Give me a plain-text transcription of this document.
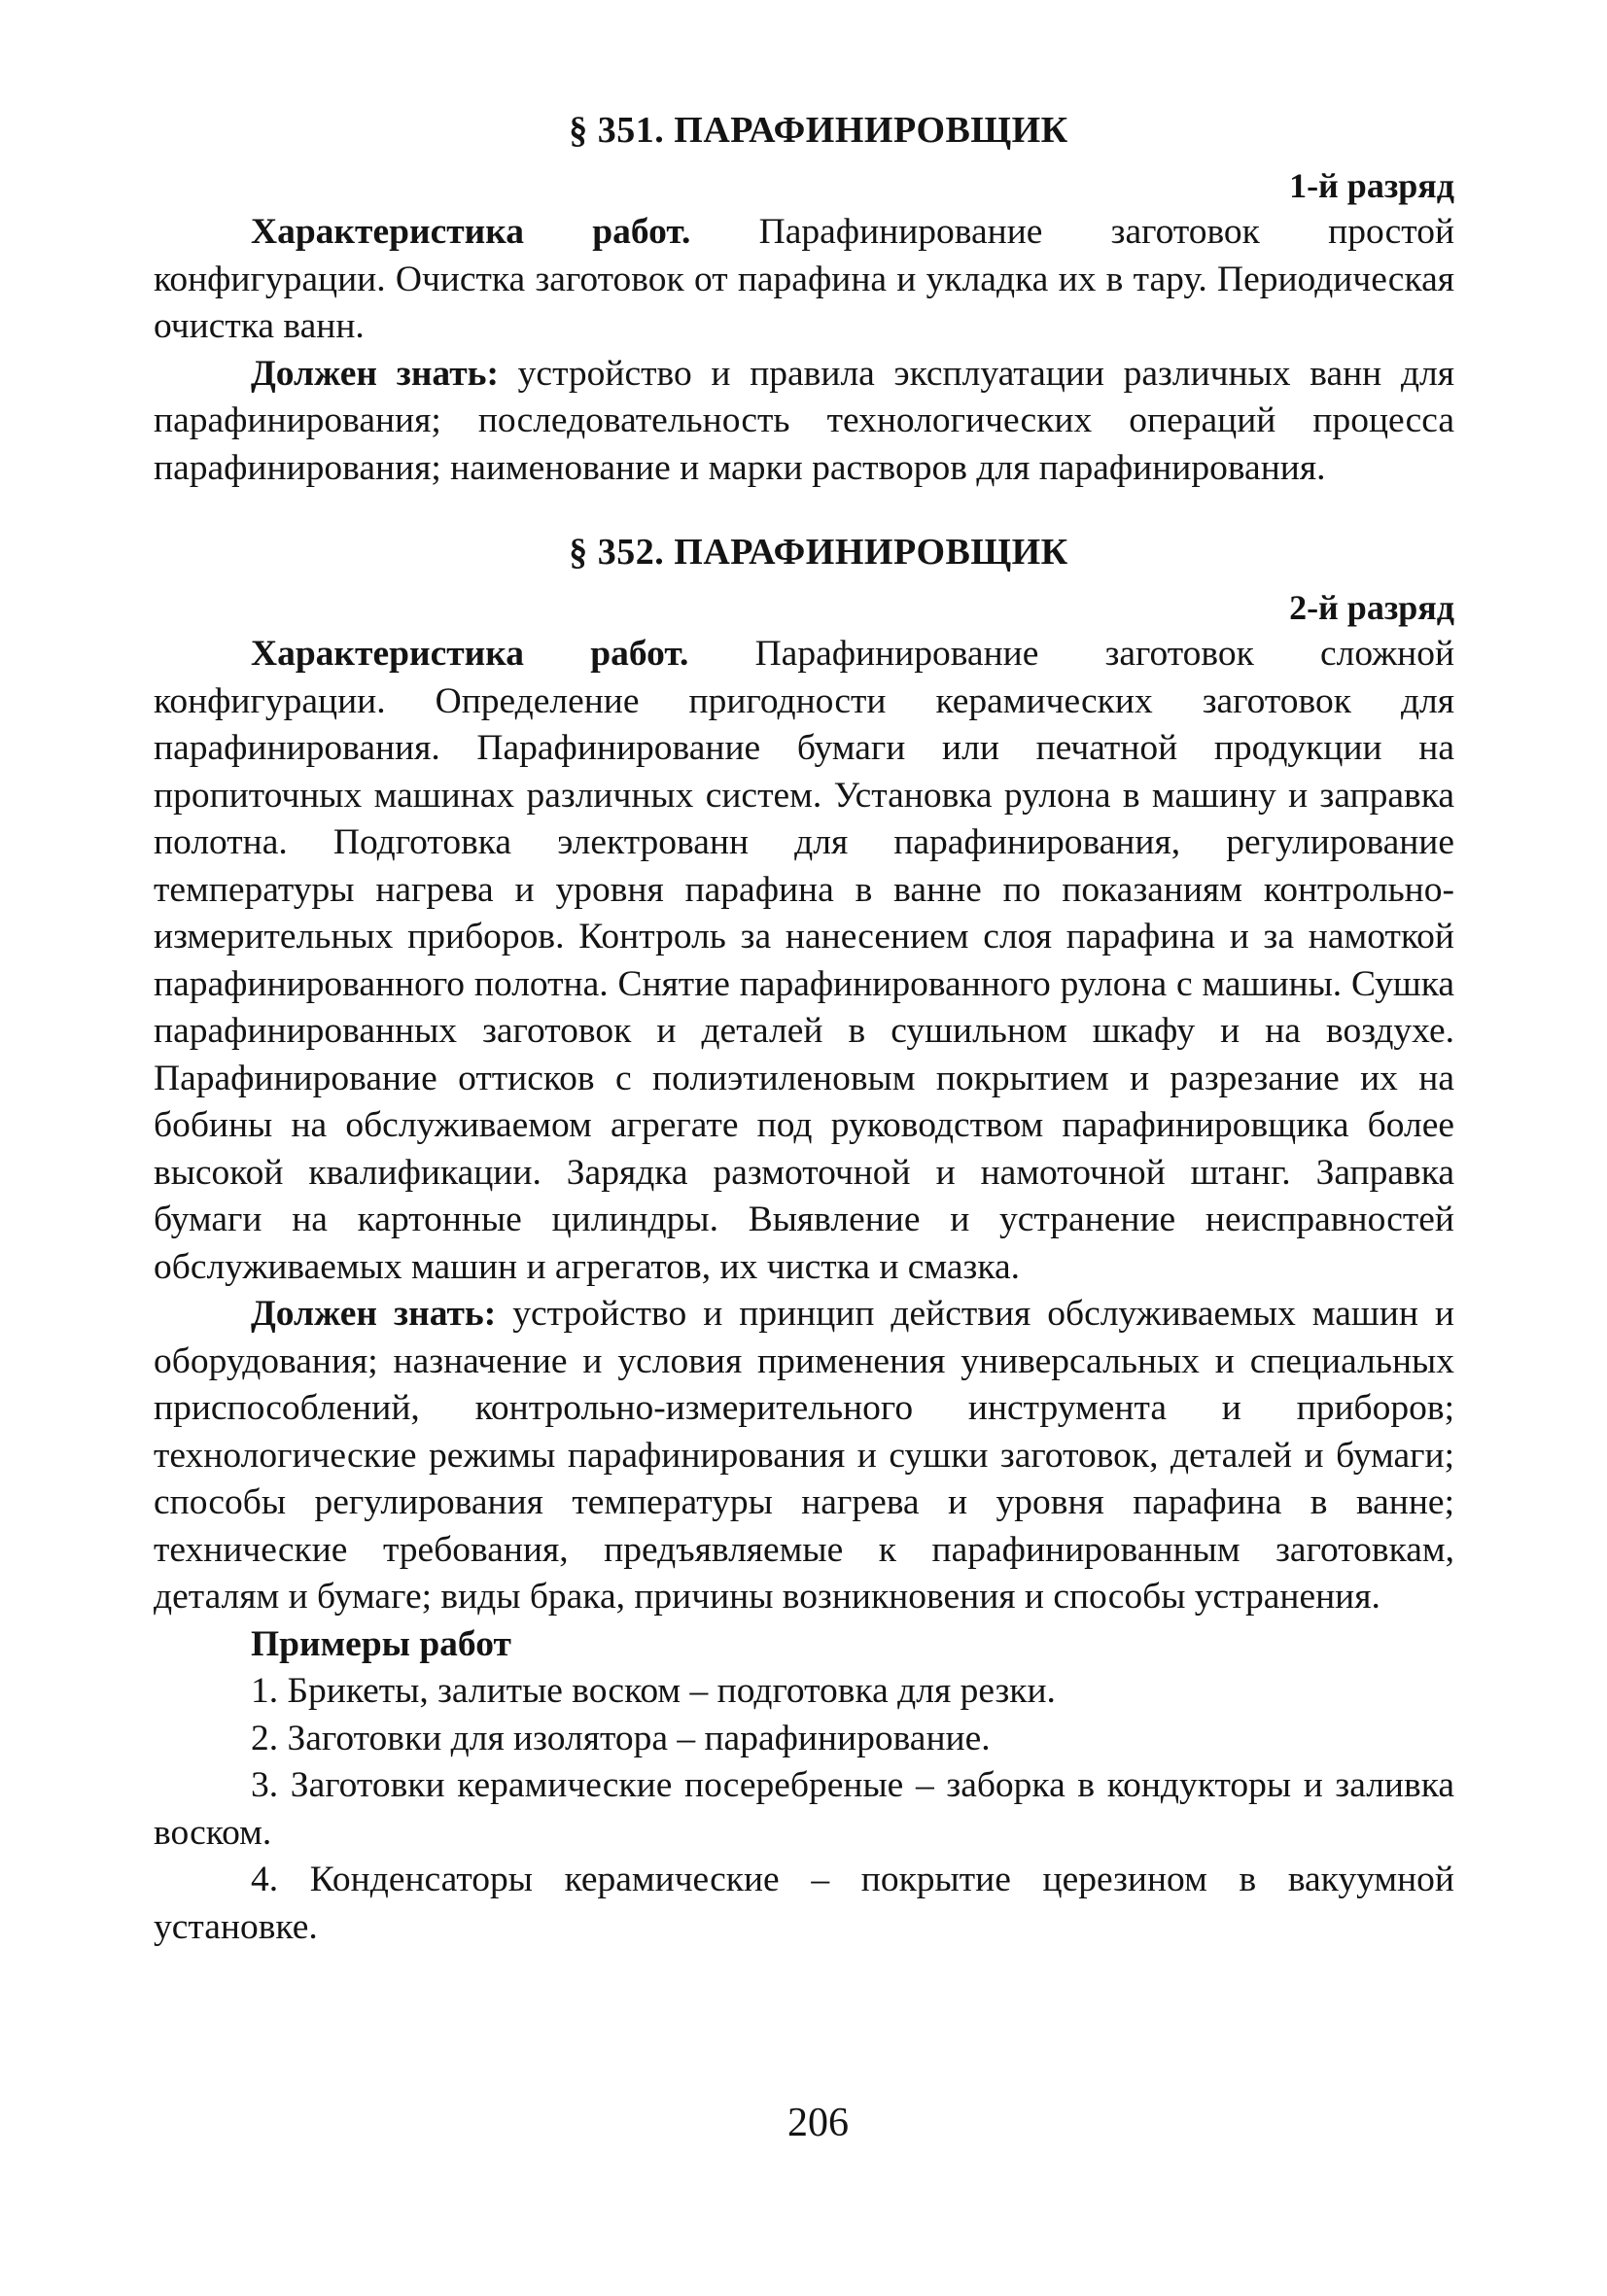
§ 351. ПАРАФИНИРОВЩИК

1-й разряд

Характеристика работ. Парафинирование заготовок простой конфигурации. Очистка заготовок от парафина и укладка их в тару. Периодическая очистка ванн.

Должен знать: устройство и правила эксплуатации различных ванн для парафинирования; последовательность технологических операций процесса парафинирования; наименование и марки растворов для парафинирования.

§ 352. ПАРАФИНИРОВЩИК

2-й разряд

Характеристика работ. Парафинирование заготовок сложной конфигурации. Определение пригодности керамических заготовок для парафинирования. Парафинирование бумаги или печатной продукции на пропиточных машинах различных систем. Установка рулона в машину и заправка полотна. Подготовка электрованн для парафинирования, регулирование температуры нагрева и уровня парафина в ванне по показаниям контрольно-измерительных приборов. Контроль за нанесением слоя парафина и за намоткой парафинированного полотна. Снятие парафинированного рулона с машины. Сушка парафинированных заготовок и деталей в сушильном шкафу и на воздухе. Парафинирование оттисков с полиэтиленовым покрытием и разрезание их на бобины на обслуживаемом агрегате под руководством парафинировщика более высокой квалификации. Зарядка размоточной и намоточной штанг. Заправка бумаги на картонные цилиндры. Выявление и устранение неисправностей обслуживаемых машин и агрегатов, их чистка и смазка.

Должен знать: устройство и принцип действия обслуживаемых машин и оборудования; назначение и условия применения универсальных и специальных приспособлений, контрольно-измерительного инструмента и приборов; технологические режимы парафинирования и сушки заготовок, деталей и бумаги; способы регулирования температуры нагрева и уровня парафина в ванне; технические требования, предъявляемые к парафинированным заготовкам, деталям и бумаге; виды брака, причины возникновения и способы устранения.

Примеры работ

1. Брикеты, залитые воском – подготовка для резки.

2. Заготовки для изолятора – парафинирование.

3. Заготовки керамические посеребреные – заборка в кондукторы и заливка воском.

4. Конденсаторы керамические – покрытие церезином в вакуумной установке.

206
